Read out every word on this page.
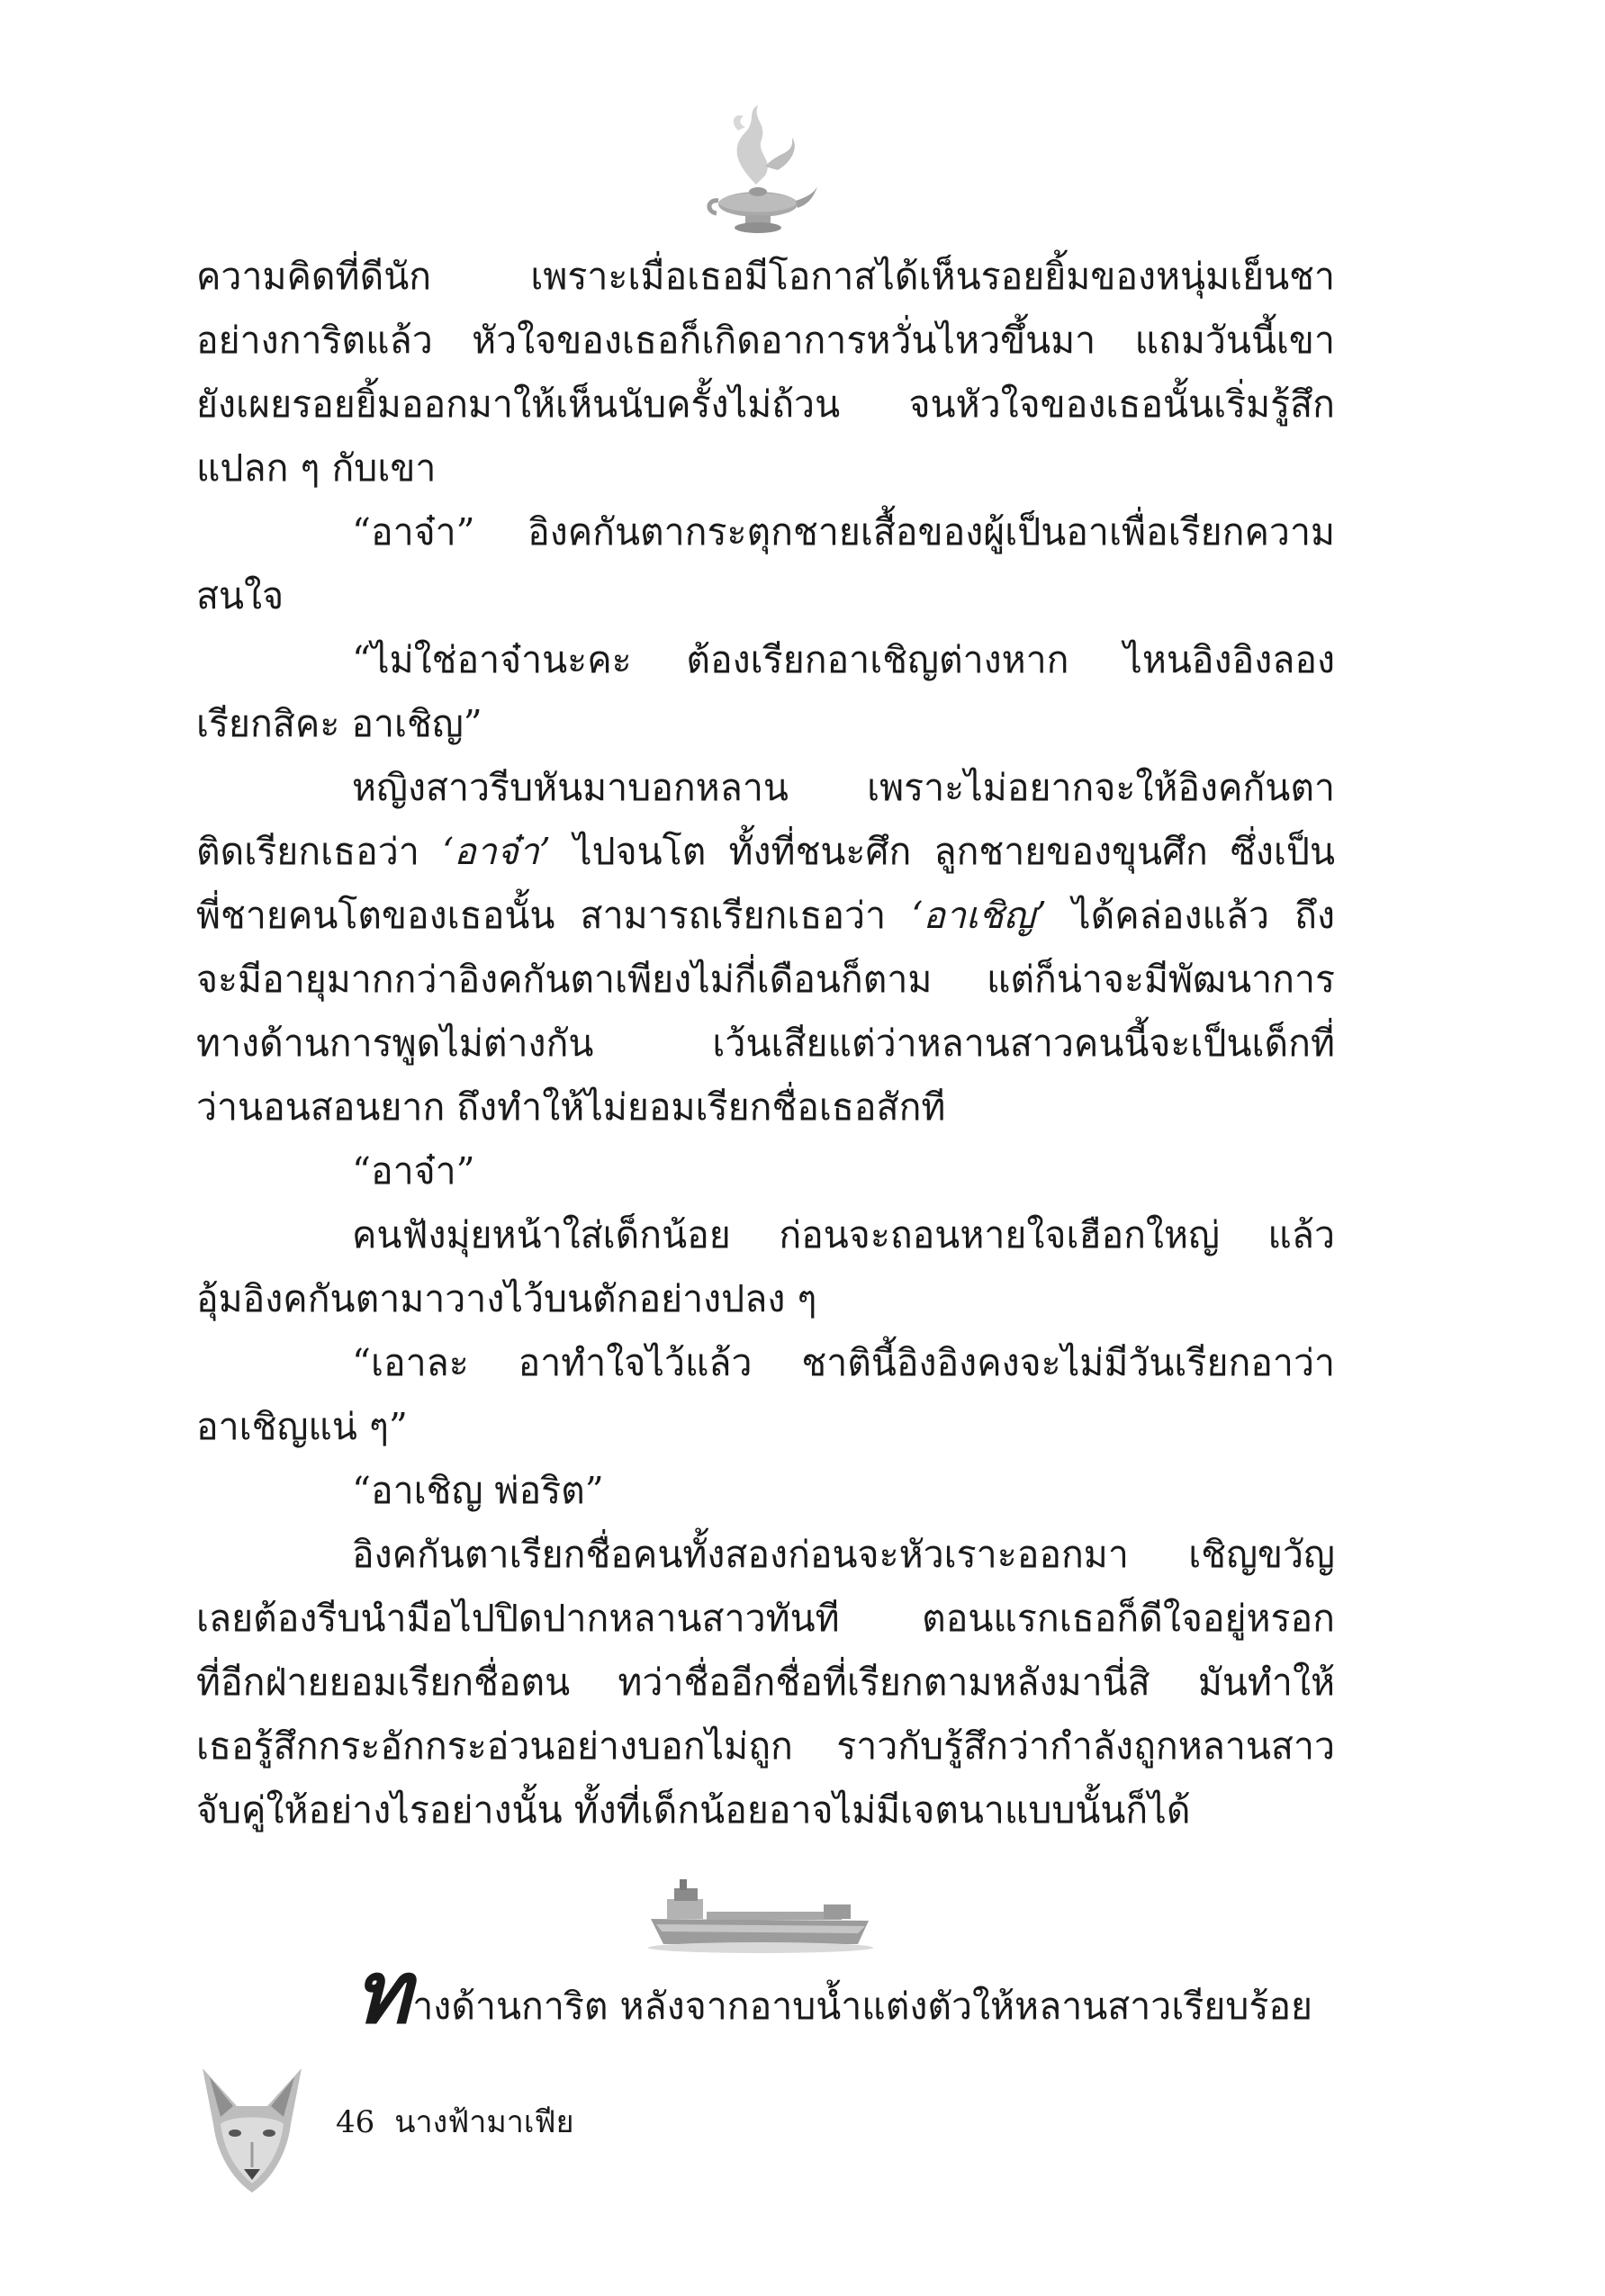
ความคิดที่ดีนัก เพราะเมื่อเธอมีโอกาสได้เห็นรอยยิ้มของหนุ่มเย็นชา

อย่างการิตแล้ว หัวใจของเธอก็เกิดอาการหวั่นไหวขึ้นมา แถมวันนี้เขา

ยังเผยรอยยิ้มออกมาให้เห็นนับครั้งไม่ถ้วน จนหัวใจของเธอนั้นเริ่มรู้สึก

แปลก ๆ กับเขา

“อาจ๋า” อิงคกันตากระตุกชายเสื้อของผู้เป็นอาเพื่อเรียกความ

สนใจ

“ไม่ใช่อาจ๋านะคะ ต้องเรียกอาเชิญต่างหาก ไหนอิงอิงลอง

เรียกสิคะ อาเชิญ”

หญิงสาวรีบหันมาบอกหลาน เพราะไม่อยากจะให้อิงคกันตา

ติดเรียกเธอว่า ‘อาจ๋า’ ไปจนโต ทั้งที่ชนะศึก ลูกชายของขุนศึก ซึ่งเป็น

พี่ชายคนโตของเธอนั้น สามารถเรียกเธอว่า ‘อาเชิญ’ ได้คล่องแล้ว ถึง

จะมีอายุมากกว่าอิงคกันตาเพียงไม่กี่เดือนก็ตาม แต่ก็น่าจะมีพัฒนาการ

ทางด้านการพูดไม่ต่างกัน เว้นเสียแต่ว่าหลานสาวคนนี้จะเป็นเด็กที่

ว่านอนสอนยาก ถึงทำให้ไม่ยอมเรียกชื่อเธอสักที

“อาจ๋า”

คนฟังมุ่ยหน้าใส่เด็กน้อย ก่อนจะถอนหายใจเฮือกใหญ่ แล้ว

อุ้มอิงคกันตามาวางไว้บนตักอย่างปลง ๆ

“เอาละ อาทำใจไว้แล้ว ชาตินี้อิงอิงคงจะไม่มีวันเรียกอาว่า

อาเชิญแน่ ๆ”

“อาเชิญ พ่อริต”

อิงคกันตาเรียกชื่อคนทั้งสองก่อนจะหัวเราะออกมา เชิญขวัญ

เลยต้องรีบนำมือไปปิดปากหลานสาวทันที ตอนแรกเธอก็ดีใจอยู่หรอก

ที่อีกฝ่ายยอมเรียกชื่อตน ทว่าชื่ออีกชื่อที่เรียกตามหลังมานี่สิ มันทำให้

เธอรู้สึกกระอักกระอ่วนอย่างบอกไม่ถูก ราวกับรู้สึกว่ากำลังถูกหลานสาว

จับคู่ให้อย่างไรอย่างนั้น ทั้งที่เด็กน้อยอาจไม่มีเจตนาแบบนั้นก็ได้

ทางด้านการิต หลังจากอาบน้ำแต่งตัวให้หลานสาวเรียบร้อย
46 นางฟ้ามาเฟีย
